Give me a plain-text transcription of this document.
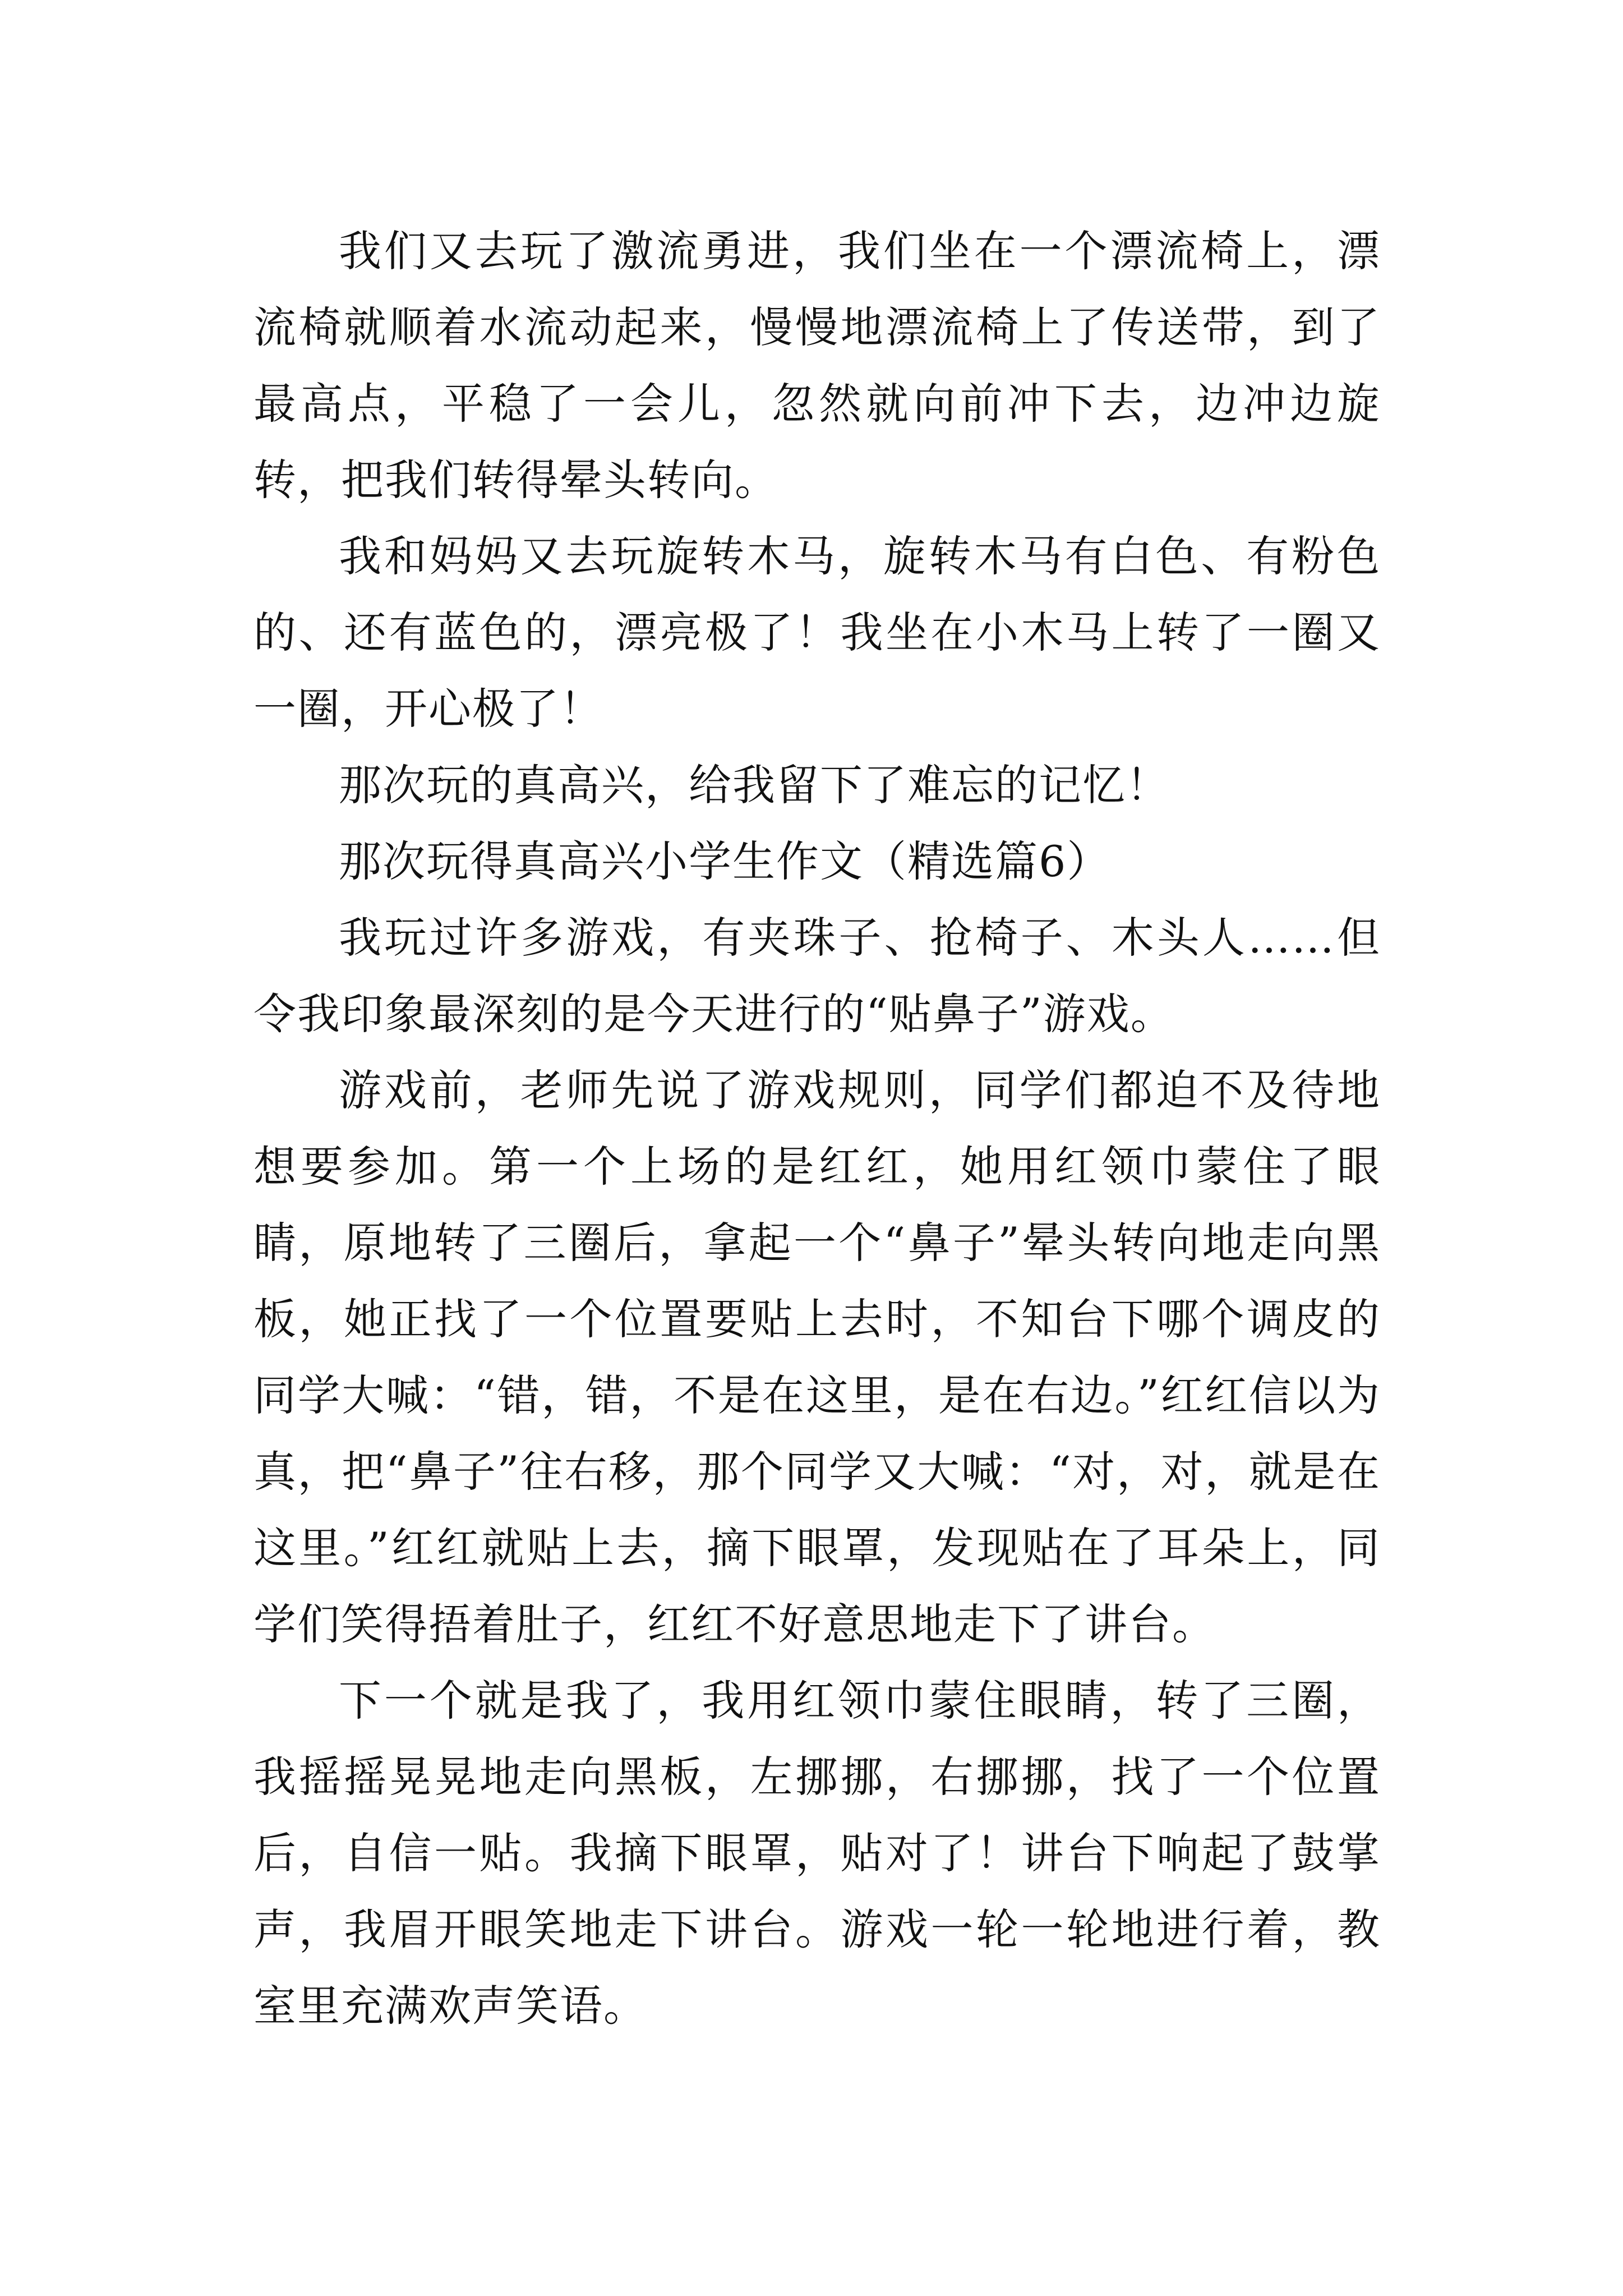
我们又去玩了激流勇进，我们坐在一个漂流椅上，漂流椅就顺着水流动起来，慢慢地漂流椅上了传送带，到了最高点，平稳了一会儿，忽然就向前冲下去，边冲边旋转，把我们转得晕头转向。

我和妈妈又去玩旋转木马，旋转木马有白色、有粉色的、还有蓝色的，漂亮极了！我坐在小木马上转了一圈又一圈，开心极了！

那次玩的真高兴，给我留下了难忘的记忆！

那次玩得真高兴小学生作文（精选篇6）

我玩过许多游戏，有夹珠子、抢椅子、木头人……但令我印象最深刻的是今天进行的“贴鼻子”游戏。

游戏前，老师先说了游戏规则，同学们都迫不及待地想要参加。第一个上场的是红红，她用红领巾蒙住了眼睛，原地转了三圈后，拿起一个“鼻子”晕头转向地走向黑板，她正找了一个位置要贴上去时，不知台下哪个调皮的同学大喊：“错，错，不是在这里，是在右边。”红红信以为真，把“鼻子”往右移，那个同学又大喊：“对，对，就是在这里。”红红就贴上去，摘下眼罩，发现贴在了耳朵上，同学们笑得捂着肚子，红红不好意思地走下了讲台。

下一个就是我了，我用红领巾蒙住眼睛，转了三圈，我摇摇晃晃地走向黑板，左挪挪，右挪挪，找了一个位置后，自信一贴。我摘下眼罩，贴对了！讲台下响起了鼓掌声，我眉开眼笑地走下讲台。游戏一轮一轮地进行着，教室里充满欢声笑语。
